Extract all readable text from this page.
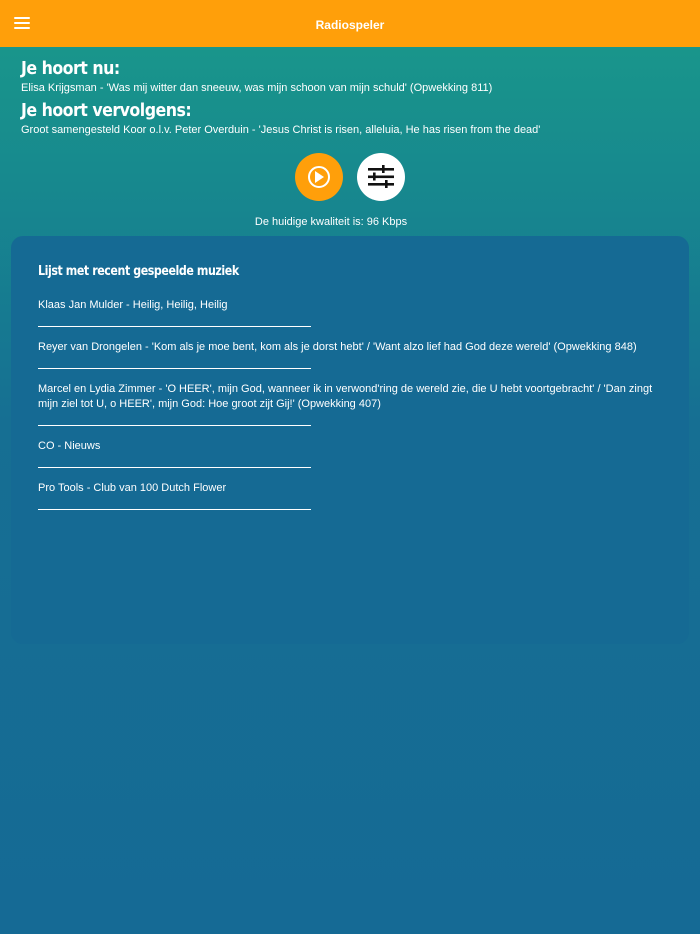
Radiospeler
Je hoort nu:
Elisa Krijgsman - 'Was mij witter dan sneeuw, was mijn schoon van mijn schuld' (Opwekking 811)
Je hoort vervolgens:
Groot samengesteld Koor o.l.v. Peter Overduin - 'Jesus Christ is risen, alleluia, He has risen from the dead'
De huidige kwaliteit is: 96 Kbps
Lijst met recent gespeelde muziek
Klaas Jan Mulder - Heilig, Heilig, Heilig
Reyer van Drongelen - 'Kom als je moe bent, kom als je dorst hebt' / 'Want alzo lief had God deze wereld' (Opwekking 848)
Marcel en Lydia Zimmer - 'O HEER', mijn God, wanneer ik in verwond'ring de wereld zie, die U hebt voortgebracht' / 'Dan zingt mijn ziel tot U, o HEER', mijn God: Hoe groot zijt Gij!' (Opwekking 407)
CO - Nieuws
Pro Tools - Club van 100 Dutch Flower
